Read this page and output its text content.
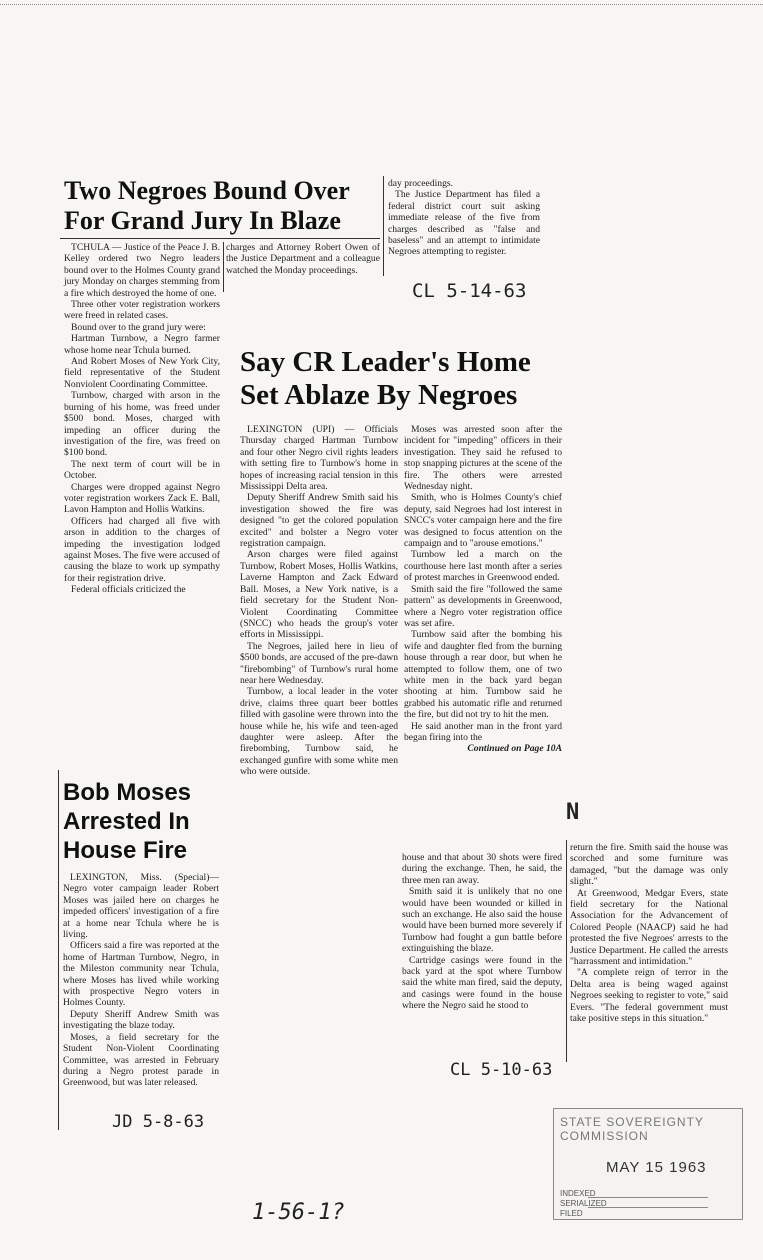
Two Negroes Bound Over For Grand Jury In Blaze

TCHULA — Justice of the Peace J. B. Kelley ordered two Negro leaders bound over to the Holmes County grand jury Monday on charges stemming from a fire which destroyed the home of one.

Three other voter registration workers were freed in related cases.

Bound over to the grand jury were:

Hartman Turnbow, a Negro farmer whose home near Tchula burned.

And Robert Moses of New York City, field representative of the Student Nonviolent Coordinating Committee.

Turnbow, charged with arson in the burning of his home, was freed under $500 bond. Moses, charged with impeding an officer during the investigation of the fire, was freed on $100 bond.

The next term of court will be in October.

Charges were dropped against Negro voter registration workers Zack E. Ball, Lavon Hampton and Hollis Watkins.

Officers had charged all five with arson in addition to the charges of impeding the investigation lodged against Moses. The five were accused of causing the blaze to work up sympathy for their registration drive.

Federal officials criticized the

charges and Attorney Robert Owen of the Justice Department and a colleague watched the Monday proceedings.

day proceedings.

The Justice Department has filed a federal district court suit asking immediate release of the five from charges described as "false and baseless" and an attempt to intimidate Negroes attempting to register.

CL 5-14-63
Say CR Leader's Home Set Ablaze By Negroes

LEXINGTON (UPI) — Officials Thursday charged Hartman Turnbow and four other Negro civil rights leaders with setting fire to Turnbow's home in hopes of increasing racial tension in this Mississippi Delta area.

Deputy Sheriff Andrew Smith said his investigation showed the fire was designed "to get the colored population excited" and bolster a Negro voter registration campaign.

Arson charges were filed against Turnbow, Robert Moses, Hollis Watkins, Laverne Hampton and Zack Edward Ball. Moses, a New York native, is a field secretary for the Student Non-Violent Coordinating Committee (SNCC) who heads the group's voter efforts in Mississippi.

The Negroes, jailed here in lieu of $500 bonds, are accused of the pre-dawn "firebombing" of Turnbow's rural home near here Wednesday.

Turnbow, a local leader in the voter drive, claims three quart beer bottles filled with gasoline were thrown into the house while he, his wife and teen-aged daughter were asleep. After the firebombing, Turnbow said, he exchanged gunfire with some white men who were outside.

Moses was arrested soon after the incident for "impeding" officers in their investigation. They said he refused to stop snapping pictures at the scene of the fire. The others were arrested Wednesday night.

Smith, who is Holmes County's chief deputy, said Negroes had lost interest in SNCC's voter campaign here and the fire was designed to focus attention on the campaign and to "arouse emotions."

Turnbow led a march on the courthouse here last month after a series of protest marches in Greenwood ended.

Smith said the fire "followed the same pattern" as developments in Greenwood, where a Negro voter registration office was set afire.

Turnbow said after the bombing his wife and daughter fled from the burning house through a rear door, but when he attempted to follow them, one of two white men in the back yard began shooting at him. Turnbow said he grabbed his automatic rifle and returned the fire, but did not try to hit the men.

He said another man in the front yard began firing into the

Continued on Page 10A

N

house and that about 30 shots were fired during the exchange. Then, he said, the three men ran away.

Smith said it is unlikely that no one would have been wounded or killed in such an exchange. He also said the house would have been burned more severely if Turnbow had fought a gun battle before extinguishing the blaze.

Cartridge casings were found in the back yard at the spot where Turnbow said the white man fired, said the deputy, and casings were found in the house where the Negro said he stood to

return the fire. Smith said the house was scorched and some furniture was damaged, "but the damage was only slight."

At Greenwood, Medgar Evers, state field secretary for the National Association for the Advancement of Colored People (NAACP) said he had protested the five Negroes' arrests to the Justice Department. He called the arrests "harrassment and intimidation."

"A complete reign of terror in the Delta area is being waged against Negroes seeking to register to vote," said Evers. "The federal government must take positive steps in this situation."

CL 5-10-63
Bob Moses Arrested In House Fire

LEXINGTON, Miss. (Special)— Negro voter campaign leader Robert Moses was jailed here on charges he impeded officers' investigation of a fire at a home near Tchula where he is living.

Officers said a fire was reported at the home of Hartman Turnbow, Negro, in the Mileston community near Tchula, where Moses has lived while working with prospective Negro voters in Holmes County.

Deputy Sheriff Andrew Smith was investigating the blaze today.

Moses, a field secretary for the Student Non-Violent Coordinating Committee, was arrested in February during a Negro protest parade in Greenwood, but was later released.

JD 5-8-63	STATE SOVEREIGNTY COMMISSION
MAY 15 1963
INDEXED
SERIALIZED
FILED
1-56-1?
